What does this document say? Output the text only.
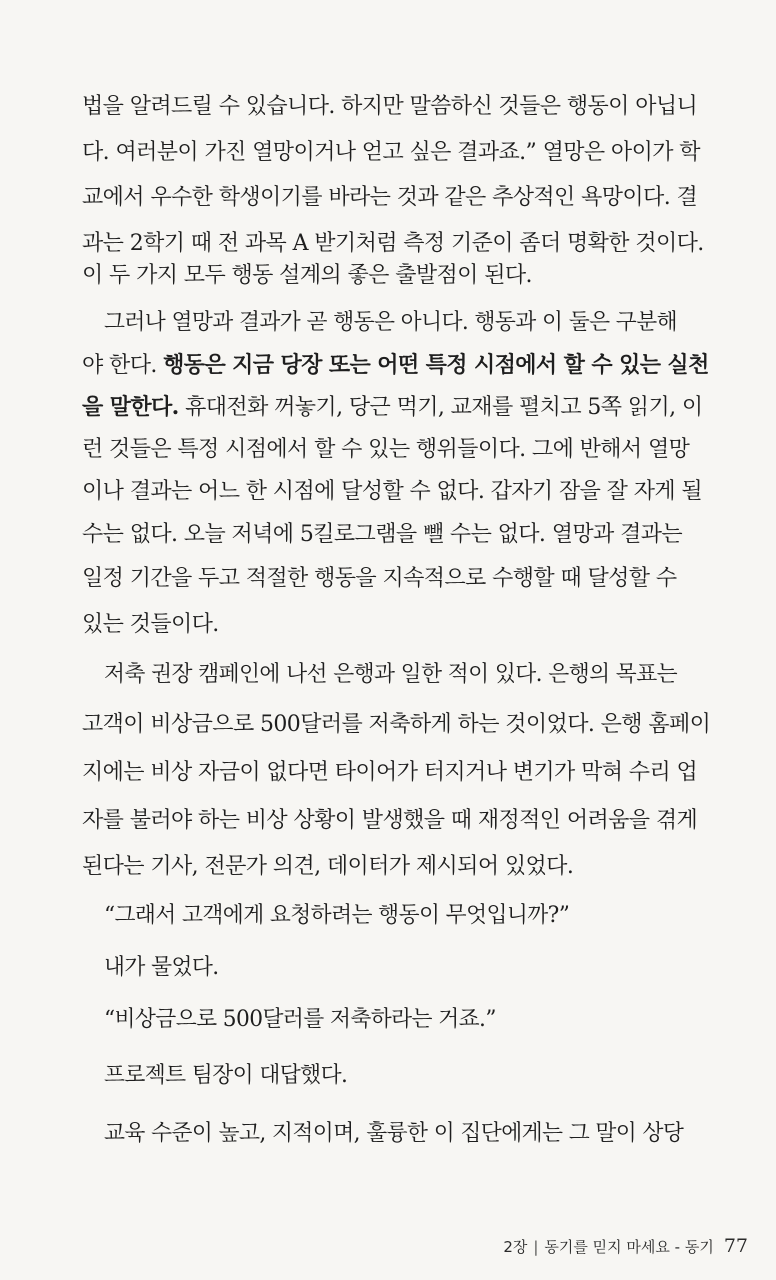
법을 알려드릴 수 있습니다. 하지만 말씀하신 것들은 행동이 아닙니
다. 여러분이 가진 열망이거나 얻고 싶은 결과죠.” 열망은 아이가 학
교에서 우수한 학생이기를 바라는 것과 같은 추상적인 욕망이다. 결
과는 2학기 때 전 과목 A 받기처럼 측정 기준이 좀더 명확한 것이다.
이 두 가지 모두 행동 설계의 좋은 출발점이 된다.
그러나 열망과 결과가 곧 행동은 아니다. 행동과 이 둘은 구분해
야 한다. 행동은 지금 당장 또는 어떤 특정 시점에서 할 수 있는 실천
을 말한다. 휴대전화 꺼놓기, 당근 먹기, 교재를 펼치고 5쪽 읽기, 이
런 것들은 특정 시점에서 할 수 있는 행위들이다. 그에 반해서 열망
이나 결과는 어느 한 시점에 달성할 수 없다. 갑자기 잠을 잘 자게 될
수는 없다. 오늘 저녁에 5킬로그램을 뺄 수는 없다. 열망과 결과는
일정 기간을 두고 적절한 행동을 지속적으로 수행할 때 달성할 수
있는 것들이다.
저축 권장 캠페인에 나선 은행과 일한 적이 있다. 은행의 목표는
고객이 비상금으로 500달러를 저축하게 하는 것이었다. 은행 홈페이
지에는 비상 자금이 없다면 타이어가 터지거나 변기가 막혀 수리 업
자를 불러야 하는 비상 상황이 발생했을 때 재정적인 어려움을 겪게
된다는 기사, 전문가 의견, 데이터가 제시되어 있었다.
“그래서 고객에게 요청하려는 행동이 무엇입니까?”
내가 물었다.
“비상금으로 500달러를 저축하라는 거죠.”
프로젝트 팀장이 대답했다.
교육 수준이 높고, 지적이며, 훌륭한 이 집단에게는 그 말이 상당
2장 | 동기를 믿지 마세요 - 동기 77
